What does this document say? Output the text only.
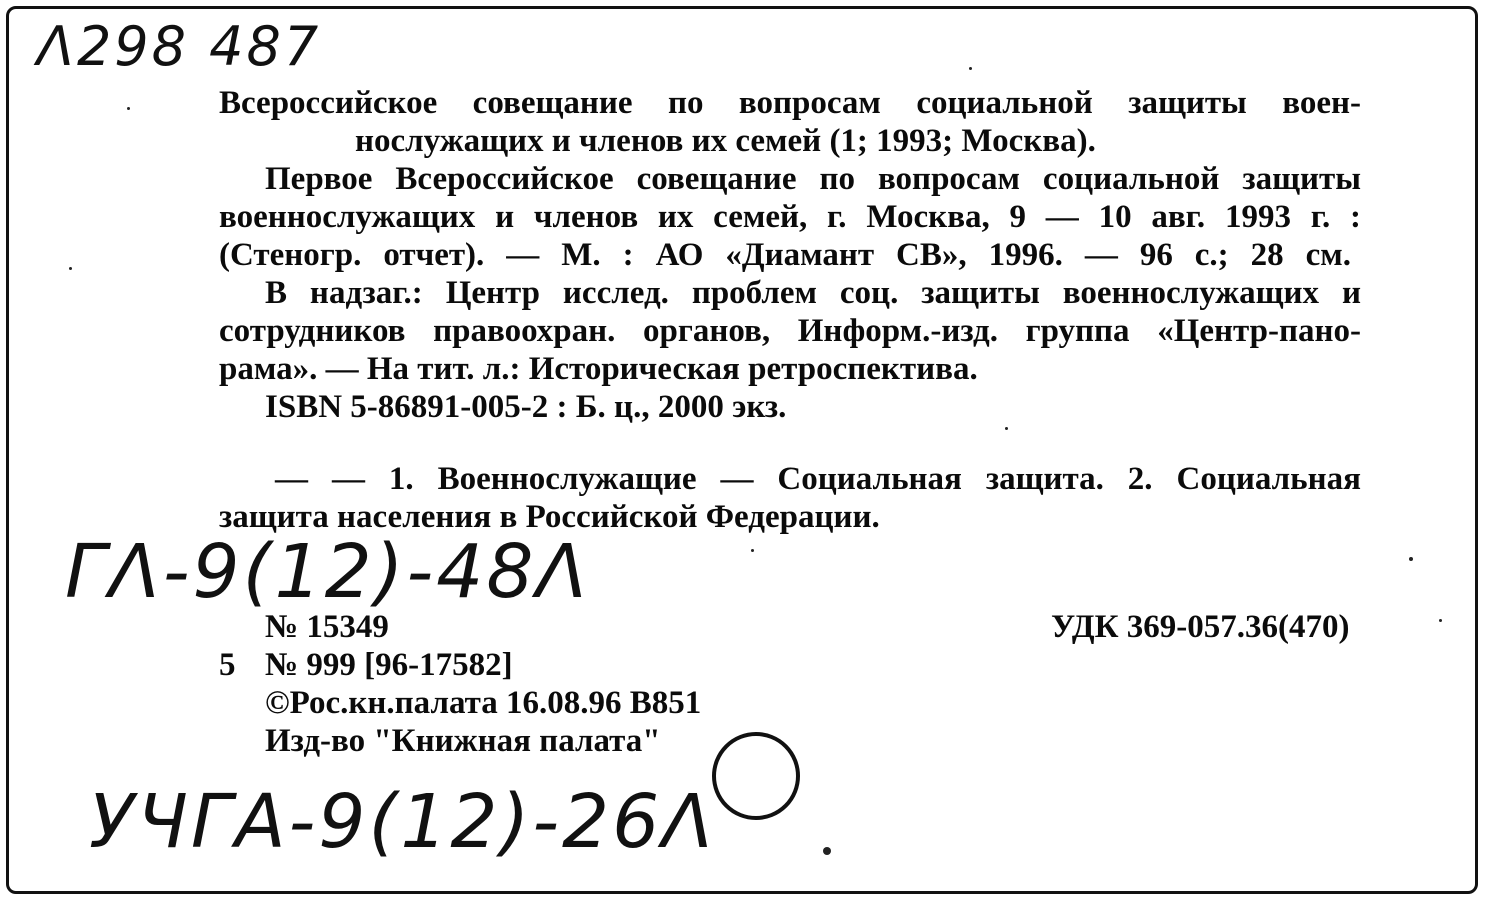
Λ298 487
Всероссийское совещание по вопросам социальной защиты воен-
нослужащих и членов их семей (1; 1993; Москва).
Первое Всероссийское совещание по вопросам социальной защиты
военнослужащих и членов их семей, г. Москва, 9 — 10 авг. 1993 г. :
(Стеногр. отчет). — М. : АО «Диамант СВ», 1996. — 96 с.; 28 см.
В надзаг.: Центр исслед. проблем соц. защиты военнослужащих и
сотрудников правоохран. органов, Информ.-изд. группа «Центр-пано-
рама». — На тит. л.: Историческая ретроспектива.
ISBN 5-86891-005-2 : Б. ц., 2000 экз.
— — 1. Военнослужащие — Социальная защита. 2. Социальная
защита населения в Российской Федерации.
ГΛ-9(12)-48Λ
№ 15349	УДК 369-057.36(470)
5 № 999 [96-17582]
©Рос.кн.палата 16.08.96 В851
Изд-во "Книжная палата"
УЧГА-9(12)-26Λ
